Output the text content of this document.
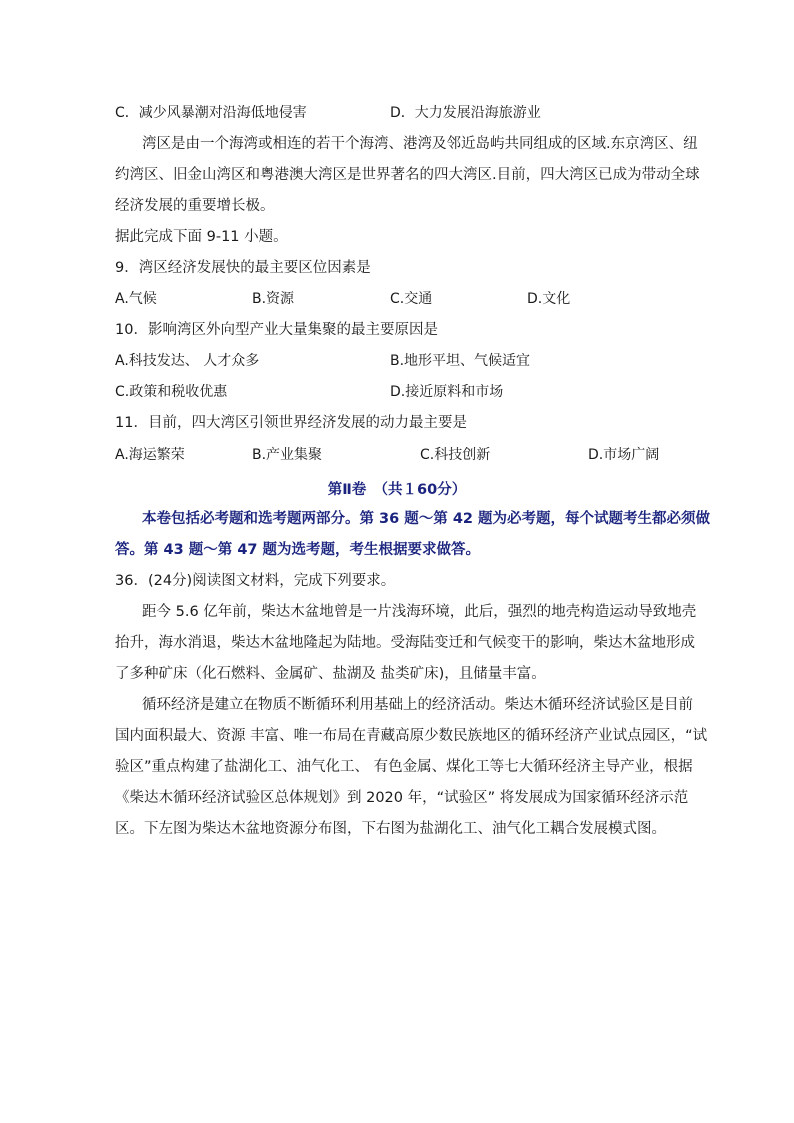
C．减少风暴潮对沿海低地侵害	D．大力发展沿海旅游业
湾区是由一个海湾或相连的若干个海湾、港湾及邻近岛屿共同组成的区域.东京湾区、纽
约湾区、旧金山湾区和粤港澳大湾区是世界著名的四大湾区.目前，四大湾区已成为带动全球
经济发展的重要增长极。
据此完成下面 9-11 小题。
9．湾区经济发展快的最主要区位因素是
A.气候	B.资源	C.交通	D.文化
10．影响湾区外向型产业大量集聚的最主要原因是
A.科技发达、 人才众多	B.地形平坦、气候适宜
C.政策和税收优惠	D.接近原料和市场
11．目前，四大湾区引领世界经济发展的动力最主要是
A.海运繁荣	B.产业集聚	C.科技创新	D.市场广阔
第Ⅱ卷　（共１60分）
本卷包括必考题和选考题两部分。第 36 题～第 42 题为必考题，每个试题考生都必须做
答。第 43 题～第 47 题为选考题，考生根据要求做答。
36．(24分)阅读图文材料，完成下列要求。
距今 5.6 亿年前，柴达木盆地曾是一片浅海环境，此后，强烈的地壳构造运动导致地壳
抬升，海水消退，柴达木盆地隆起为陆地。受海陆变迁和气候变干的影响，柴达木盆地形成
了多种矿床（化石燃料、金属矿、盐湖及 盐类矿床)，且储量丰富。
循环经济是建立在物质不断循环利用基础上的经济活动。柴达木循环经济试验区是目前
国内面积最大、资源 丰富、唯一布局在青藏高原少数民族地区的循环经济产业试点园区，“试
验区”重点构建了盐湖化工、油气化工、 有色金属、煤化工等七大循环经济主导产业，根据
《柴达木循环经济试验区总体规划》到 2020 年，“试验区” 将发展成为国家循环经济示范
区。下左图为柴达木盆地资源分布图，下右图为盐湖化工、油气化工耦合发展模式图。
